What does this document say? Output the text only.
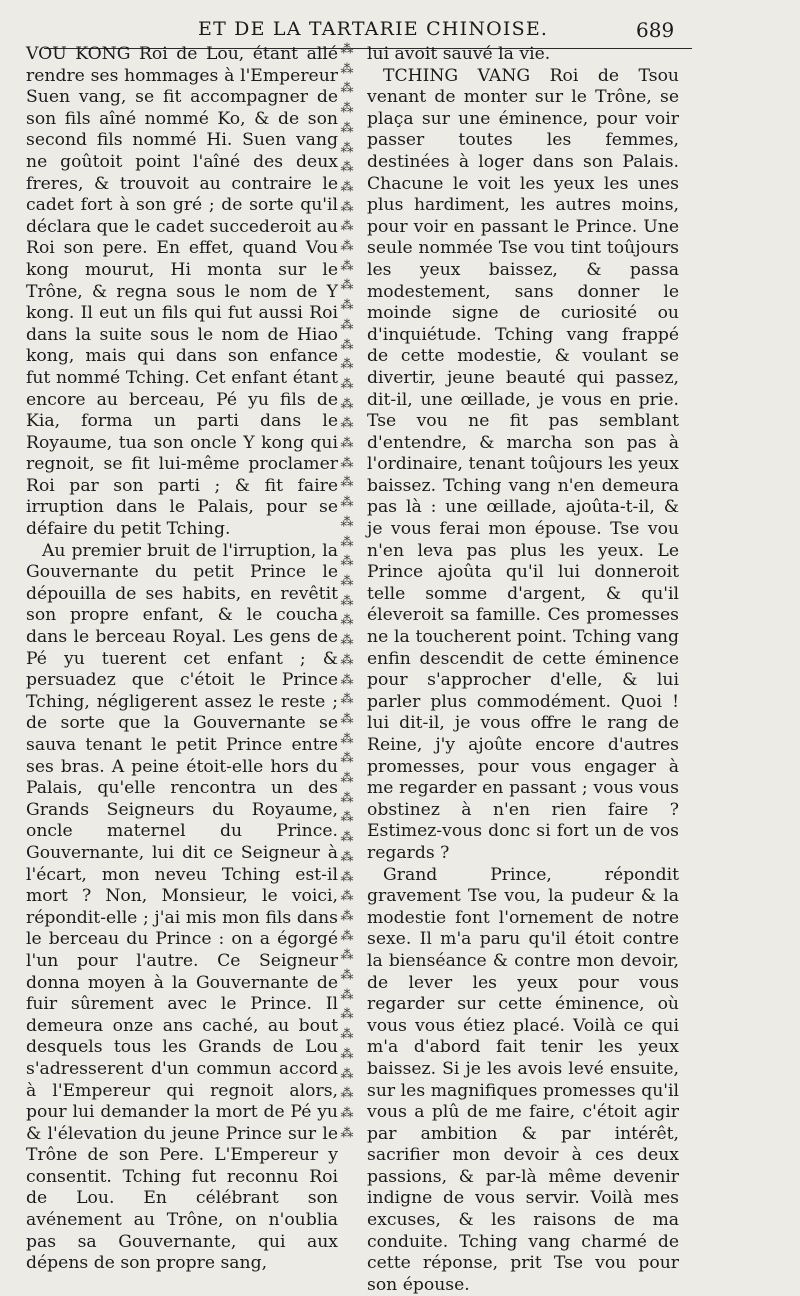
ET DE LA TARTARIE CHINOISE.	689

VOU KONG Roi de Lou, étant allé rendre ses hommages à l'Empereur Suen vang, se fit accompagner de son fils aîné nommé Ko, & de son second fils nommé Hi. Suen vang ne goûtoit point l'aîné des deux freres, & trouvoit au contraire le cadet fort à son gré ; de sorte qu'il déclara que le cadet succederoit au Roi son pere. En effet, quand Vou kong mourut, Hi monta sur le Trône, & regna sous le nom de Y kong. Il eut un fils qui fut aussi Roi dans la suite sous le nom de Hiao kong, mais qui dans son enfance fut nommé Tching. Cet enfant étant encore au berceau, Pé yu fils de Kia, forma un parti dans le Royaume, tua son oncle Y kong qui regnoit, se fit lui-même proclamer Roi par son parti ; & fit faire irruption dans le Palais, pour se défaire du petit Tching.

Au premier bruit de l'irruption, la Gouvernante du petit Prince le dépouilla de ses habits, en revêtit son propre enfant, & le coucha dans le berceau Royal. Les gens de Pé yu tuerent cet enfant ; & persuadez que c'étoit le Prince Tching, négligerent assez le reste ; de sorte que la Gouvernante se sauva tenant le petit Prince entre ses bras. A peine étoit-elle hors du Palais, qu'elle rencontra un des Grands Seigneurs du Royaume, oncle maternel du Prince. Gouvernante, lui dit ce Seigneur à l'écart, mon neveu Tching est-il mort ? Non, Monsieur, le voici, répondit-elle ; j'ai mis mon fils dans le berceau du Prince : on a égorgé l'un pour l'autre. Ce Seigneur donna moyen à la Gouvernante de fuir sûrement avec le Prince. Il demeura onze ans caché, au bout desquels tous les Grands de Lou s'adresserent d'un commun accord à l'Empereur qui regnoit alors, pour lui demander la mort de Pé yu & l'élevation du jeune Prince sur le Trône de son Pere. L'Empereur y consentit. Tching fut reconnu Roi de Lou. En célébrant son avénement au Trône, on n'oublia pas sa Gouvernante, qui aux dépens de son propre sang,

⁂
⁂
⁂
⁂
⁂
⁂
⁂
⁂
⁂
⁂
⁂
⁂
⁂
⁂
⁂
⁂
⁂
⁂
⁂
⁂
⁂
⁂
⁂
⁂
⁂
⁂
⁂
⁂
⁂
⁂
⁂
⁂
⁂
⁂
⁂
⁂
⁂
⁂
⁂
⁂
⁂
⁂
⁂
⁂
⁂
⁂
⁂
⁂
⁂
⁂
⁂
⁂
⁂
⁂
⁂
⁂

lui avoit sauvé la vie.

TCHING VANG Roi de Tsou venant de monter sur le Trône, se plaça sur une éminence, pour voir passer toutes les femmes, destinées à loger dans son Palais. Chacune le voit les yeux les unes plus hardiment, les autres moins, pour voir en passant le Prince. Une seule nommée Tse vou tint toûjours les yeux baissez, & passa modestement, sans donner le moinde signe de curiosité ou d'inquiétude. Tching vang frappé de cette modestie, & voulant se divertir, jeune beauté qui passez, dit-il, une œillade, je vous en prie. Tse vou ne fit pas semblant d'entendre, & marcha son pas à l'ordinaire, tenant toûjours les yeux baissez. Tching vang n'en demeura pas là : une œillade, ajoûta-t-il, & je vous ferai mon épouse. Tse vou n'en leva pas plus les yeux. Le Prince ajoûta qu'il lui donneroit telle somme d'argent, & qu'il éleveroit sa famille. Ces promesses ne la toucherent point. Tching vang enfin descendit de cette éminence pour s'approcher d'elle, & lui parler plus commodément. Quoi ! lui dit-il, je vous offre le rang de Reine, j'y ajoûte encore d'autres promesses, pour vous engager à me regarder en passant ; vous vous obstinez à n'en rien faire ? Estimez-vous donc si fort un de vos regards ?

Grand Prince, répondit gravement Tse vou, la pudeur & la modestie font l'ornement de notre sexe. Il m'a paru qu'il étoit contre la bienséance & contre mon devoir, de lever les yeux pour vous regarder sur cette éminence, où vous vous étiez placé. Voilà ce qui m'a d'abord fait tenir les yeux baissez. Si je les avois levé ensuite, sur les magnifiques promesses qu'il vous a plû de me faire, c'étoit agir par ambition & par intérêt, sacrifier mon devoir à ces deux passions, & par-là même devenir indigne de vous servir. Voilà mes excuses, & les raisons de ma conduite. Tching vang charmé de cette réponse, prit Tse vou pour son épouse.
